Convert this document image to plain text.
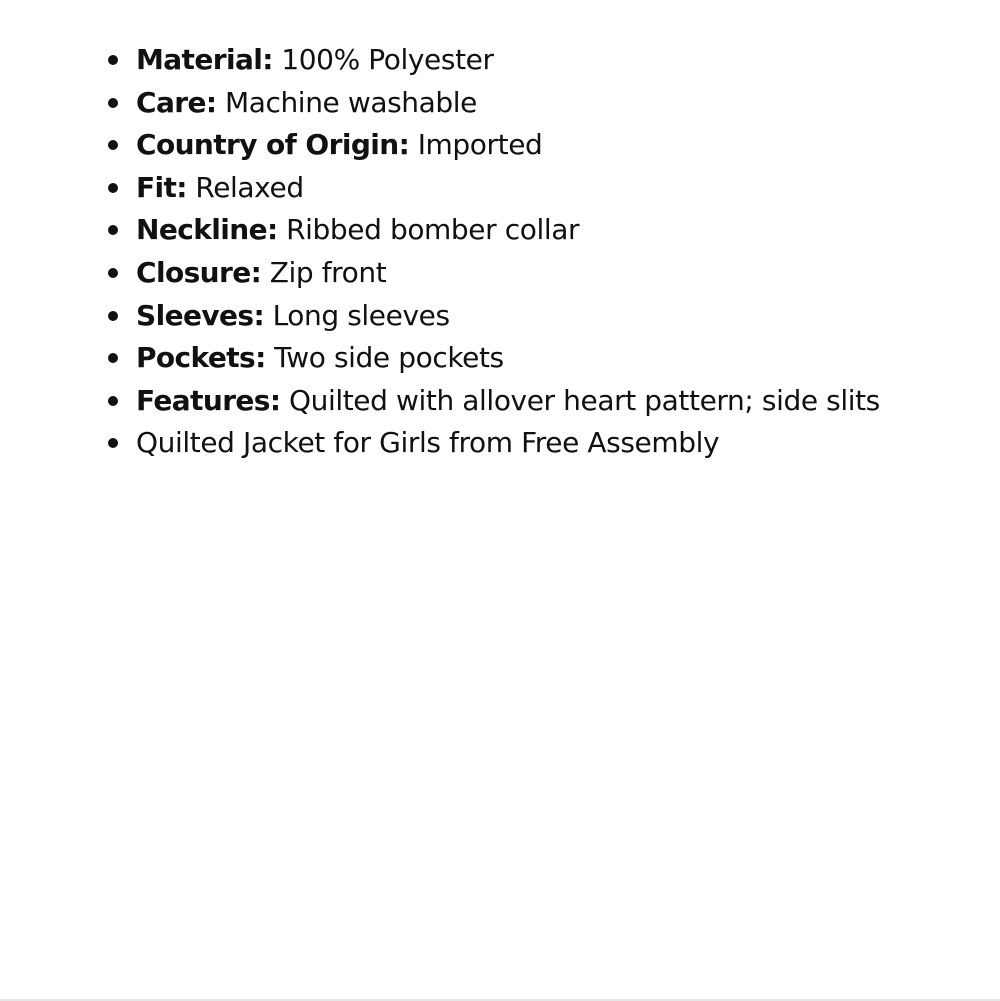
Material: 100% Polyester
Care: Machine washable
Country of Origin: Imported
Fit: Relaxed
Neckline: Ribbed bomber collar
Closure: Zip front
Sleeves: Long sleeves
Pockets: Two side pockets
Features: Quilted with allover heart pattern; side slits
Quilted Jacket for Girls from Free Assembly
